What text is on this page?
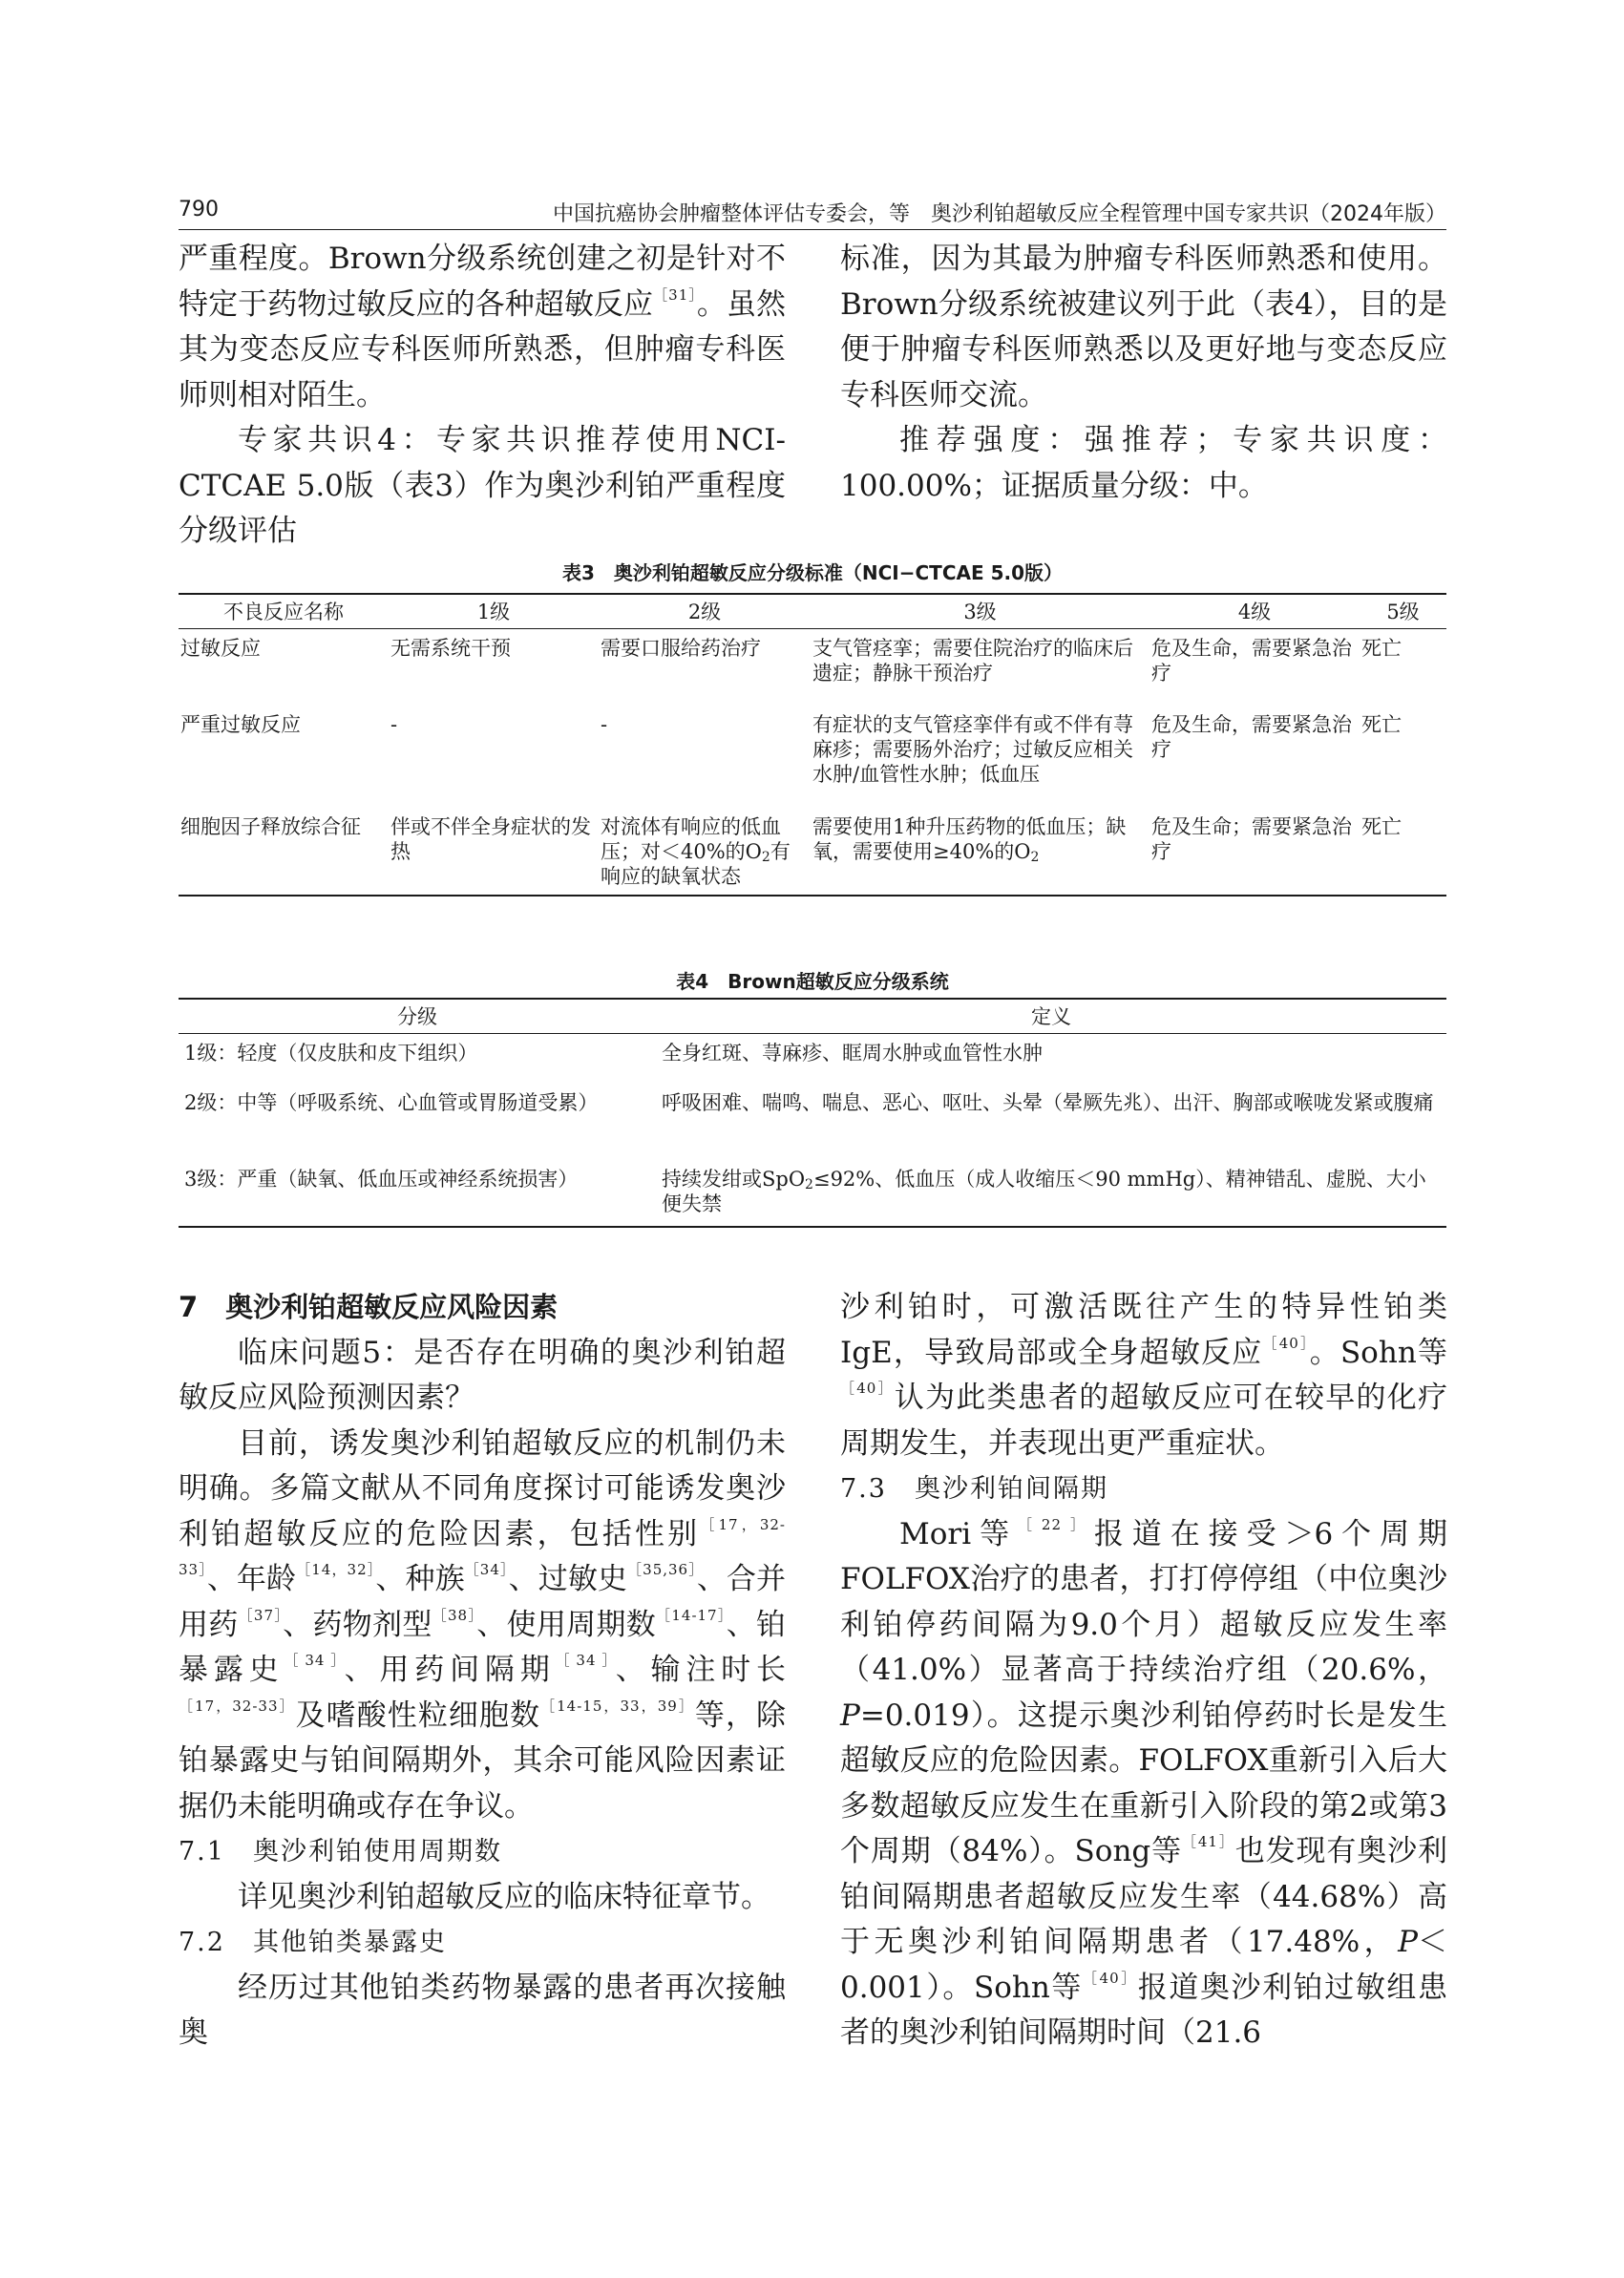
790	中国抗癌协会肿瘤整体评估专委会，等　奥沙利铂超敏反应全程管理中国专家共识（2024年版）

严重程度。Brown分级系统创建之初是针对不特定于药物过敏反应的各种超敏反应$^{[31]}$。虽然其为变态反应专科医师所熟悉，但肿瘤专科医师则相对陌生。

专家共识4：专家共识推荐使用NCI-CTCAE 5.0版（表3）作为奥沙利铂严重程度分级评估

标准，因为其最为肿瘤专科医师熟悉和使用。Brown分级系统被建议列于此（表4），目的是便于肿瘤专科医师熟悉以及更好地与变态反应专科医师交流。

推荐强度：强推荐；专家共识度：

100.00%；证据质量分级：中。

表3　奥沙利铂超敏反应分级标准（NCI−CTCAE 5.0版）
不良反应名称	1级	2级	3级	4级	5级
过敏反应	无需系统干预	需要口服给药治疗	支气管痉挛；需要住院治疗的临床后遗症；静脉干预治疗	危及生命，需要紧急治疗	死亡
严重过敏反应	-	-	有症状的支气管痉挛伴有或不伴有荨麻疹；需要肠外治疗；过敏反应相关水肿/血管性水肿；低血压	危及生命，需要紧急治疗	死亡
细胞因子释放综合征	伴或不伴全身症状的发热	对流体有响应的低血压；对＜40%的$O_2$有响应的缺氧状态	需要使用1种升压药物的低血压；缺氧，需要使用≥40%的$O_2$	危及生命；需要紧急治疗	死亡
表4　Brown超敏反应分级系统
分级	定义
1级：轻度（仅皮肤和皮下组织）	全身红斑、荨麻疹、眶周水肿或血管性水肿
2级：中等（呼吸系统、心血管或胃肠道受累）	呼吸困难、喘鸣、喘息、恶心、呕吐、头晕（晕厥先兆）、出汗、胸部或喉咙发紧或腹痛
3级：严重（缺氧、低血压或神经系统损害）	持续发绀或SpO$_2$≤92%、低血压（成人收缩压＜90 mmHg）、精神错乱、虚脱、大小便失禁

7　奥沙利铂超敏反应风险因素

临床问题5：是否存在明确的奥沙利铂超敏反应风险预测因素？

目前，诱发奥沙利铂超敏反应的机制仍未明确。多篇文献从不同角度探讨可能诱发奥沙利铂超敏反应的危险因素，包括性别$^{[17,32-33]}$、年龄$^{[14,32]}$、种族$^{[34]}$、过敏史$^{[35,36]}$、合并用药$^{[37]}$、药物剂型$^{[38]}$、使用周期数$^{[14-17]}$、铂暴露史$^{[34]}$、用药间隔期$^{[34]}$、输注时长$^{[17,32-33]}$及嗜酸性粒细胞数$^{[14-15,33,39]}$等，除铂暴露史与铂间隔期外，其余可能风险因素证据仍未能明确或存在争议。

7.1　奥沙利铂使用周期数

详见奥沙利铂超敏反应的临床特征章节。

7.2　其他铂类暴露史

经历过其他铂类药物暴露的患者再次接触奥

沙利铂时，可激活既往产生的特异性铂类IgE，导致局部或全身超敏反应$^{[40]}$。Sohn等$^{[40]}$认为此类患者的超敏反应可在较早的化疗周期发生，并表现出更严重症状。

7.3　奥沙利铂间隔期

Mori等$^{[22]}$报道在接受＞6个周期FOLFOX治疗的患者，打打停停组（中位奥沙利铂停药间隔为9.0个月）超敏反应发生率（41.0%）显著高于持续治疗组（20.6%，P=0.019）。这提示奥沙利铂停药时长是发生超敏反应的危险因素。FOLFOX重新引入后大多数超敏反应发生在重新引入阶段的第2或第3个周期（84%）。Song等$^{[41]}$也发现有奥沙利铂间隔期患者超敏反应发生率（44.68%）高于无奥沙利铂间隔期患者（17.48%，P＜0.001）。Sohn等$^{[40]}$报道奥沙利铂过敏组患者的奥沙利铂间隔期时间（21.6
